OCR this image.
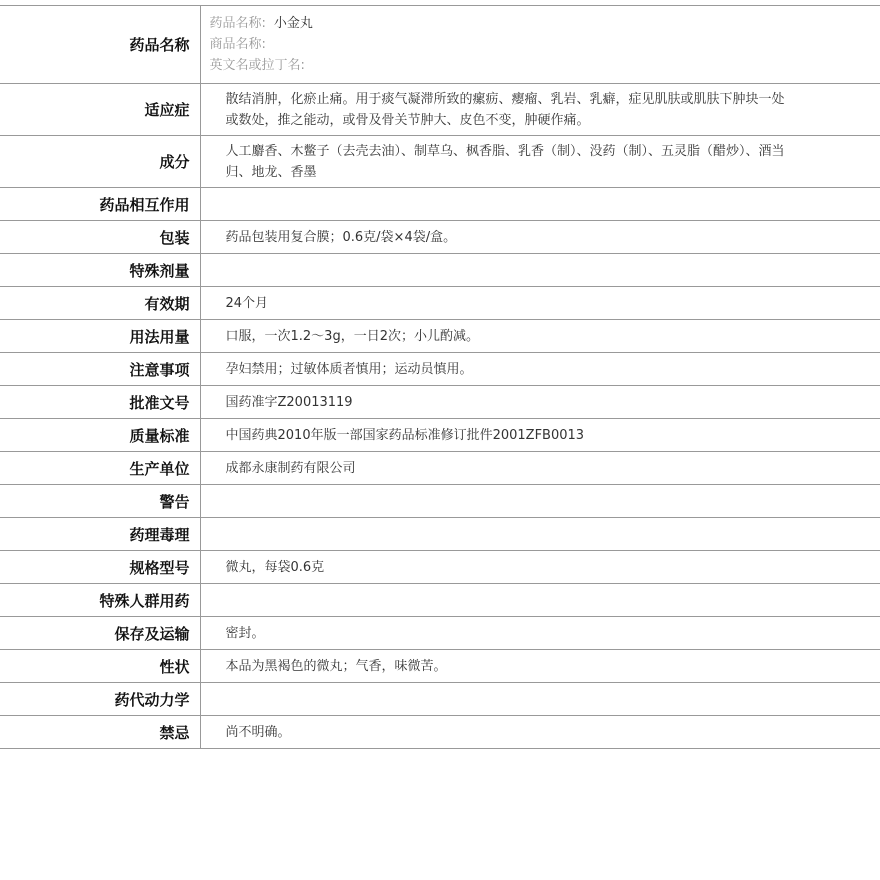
药品名称	药品名称: 小金丸
商品名称:
英文名或拉丁名:

适应症	散结消肿，化瘀止痛。用于痰气凝滞所致的瘰疬、瘿瘤、乳岩、乳癖，症见肌肤或肌肤下肿块一处或数处，推之能动，或骨及骨关节肿大、皮色不变，肿硬作痛。
成分	人工麝香、木鳖子（去壳去油）、制草乌、枫香脂、乳香（制）、没药（制）、五灵脂（醋炒）、酒当归、地龙、香墨
药品相互作用	
包装	药品包装用复合膜；0.6克/袋×4袋/盒。
特殊剂量	
有效期	24个月
用法用量	口服，一次1.2～3g，一日2次；小儿酌减。
注意事项	孕妇禁用；过敏体质者慎用；运动员慎用。
批准文号	国药准字Z20013119
质量标准	中国药典2010年版一部国家药品标准修订批件2001ZFB0013
生产单位	成都永康制药有限公司
警告	
药理毒理	
规格型号	微丸，每袋0.6克
特殊人群用药	
保存及运输	密封。
性状	本品为黑褐色的微丸；气香，味微苦。
药代动力学	
禁忌	尚不明确。
